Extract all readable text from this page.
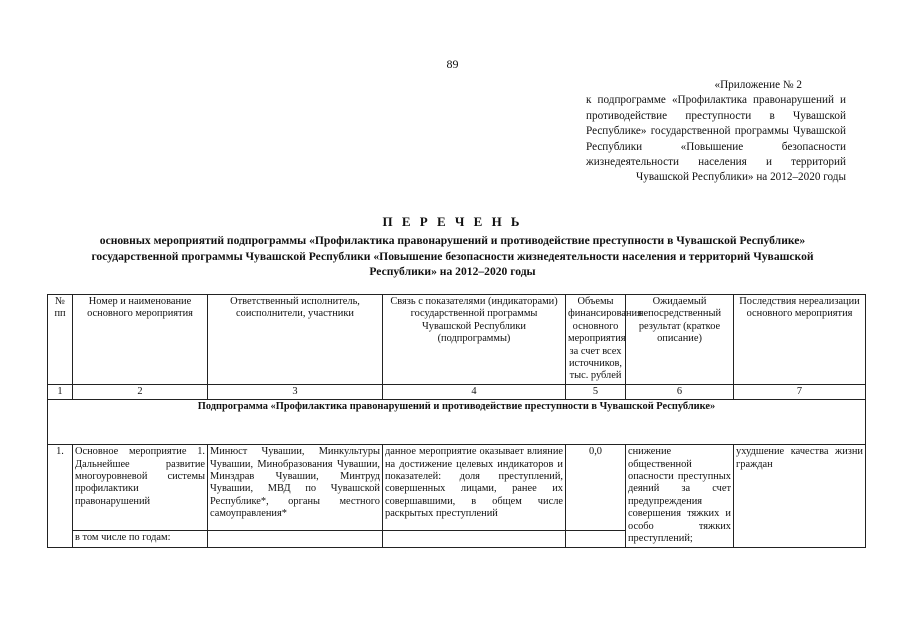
89
«Приложение № 2
к подпрограмме «Профилактика правонарушений и противодействие преступности в Чувашской Республике» государственной программы Чувашской Республики «Повышение безопасности жизнедеятельности населения и территорий Чувашской Республики» на 2012–2020 годы
П Е Р Е Ч Е Н Ь
основных мероприятий подпрограммы «Профилактика правонарушений и противодействие преступности в Чувашской Республике» государственной программы Чувашской Республики «Повышение безопасности жизнедеятельности населения и территорий Чувашской Республики» на 2012–2020 годы
№ пп	Номер и наименование основного мероприятия	Ответственный исполнитель, соисполнители, участники	Связь с показателями (индикаторами) государственной программы Чувашской Республики (подпрограммы)	Объемы финансирования основного мероприятия за счет всех источников, тыс. рублей	Ожидаемый непосредственный результат (краткое описание)	Последствия нереализации основного мероприятия
1	2	3	4	5	6	7
Подпрограмма «Профилактика правонарушений и противодействие преступности в Чувашской Республике»						
1.	Основное мероприятие 1. Дальнейшее развитие многоуровневой системы профилактики правонарушений	Минюст Чувашии, Минкультуры Чувашии, Минобразования Чувашии, Минздрав Чувашии, Минтруд Чувашии, МВД по Чувашской Республике*, органы местного самоуправления*	данное мероприятие оказывает влияние на достижение целевых индикаторов и показателей: доля преступлений, совершенных лицами, ранее их совершавшими, в общем числе раскрытых преступлений	0,0	снижение общественной опасности преступных деяний за счет предупреждения совершения тяжких и особо тяжких преступлений;	ухудшение качества жизни граждан
	в том числе по годам:					
